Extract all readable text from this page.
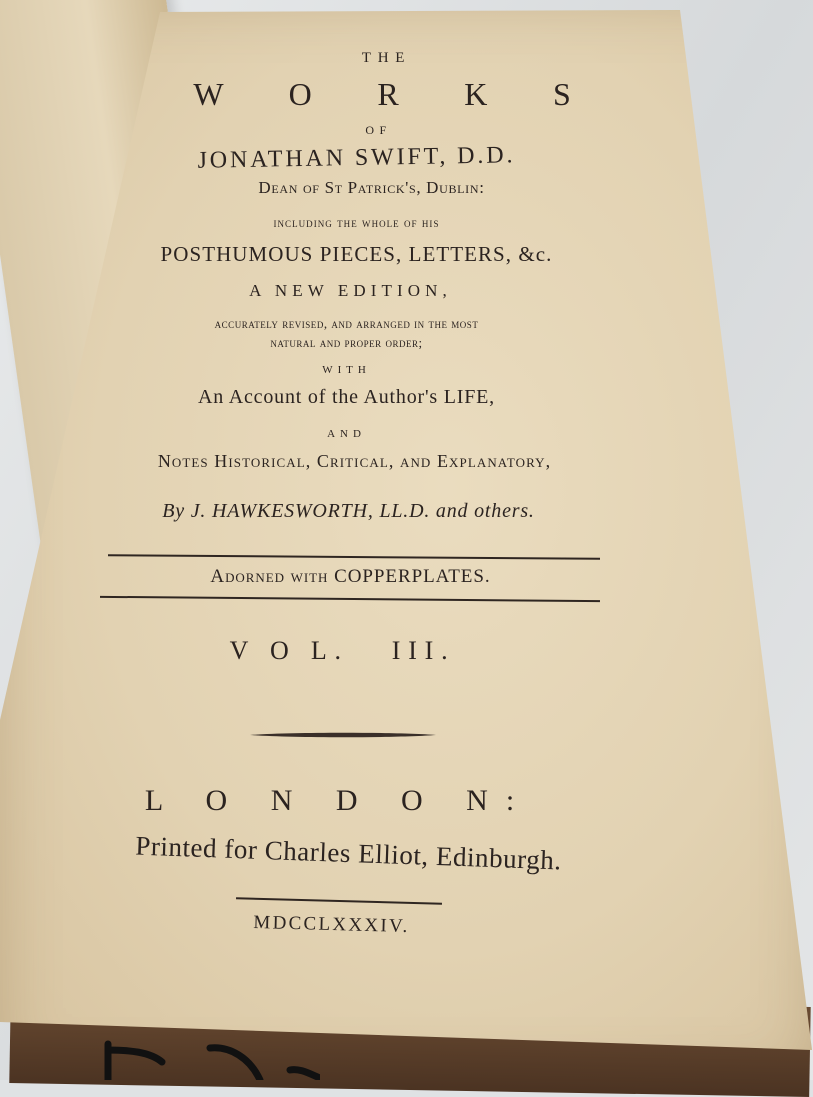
THE
W O R K S
OF
JONATHAN SWIFT, D.D.
Dean of St Patrick's, Dublin:
including the whole of his
POSTHUMOUS PIECES, LETTERS, &c.
A NEW EDITION,
accurately revised, and arranged in the most
natural and proper order;
WITH
An Account of the Author's LIFE,
AND
Notes Historical, Critical, and Explanatory,
By J. HAWKESWORTH, LL.D. and others.
Adorned with COPPERPLATES.
V O L.   III.
L O N D O N:
Printed for Charles Elliot, Edinburgh.
MDCCLXXXIV.
